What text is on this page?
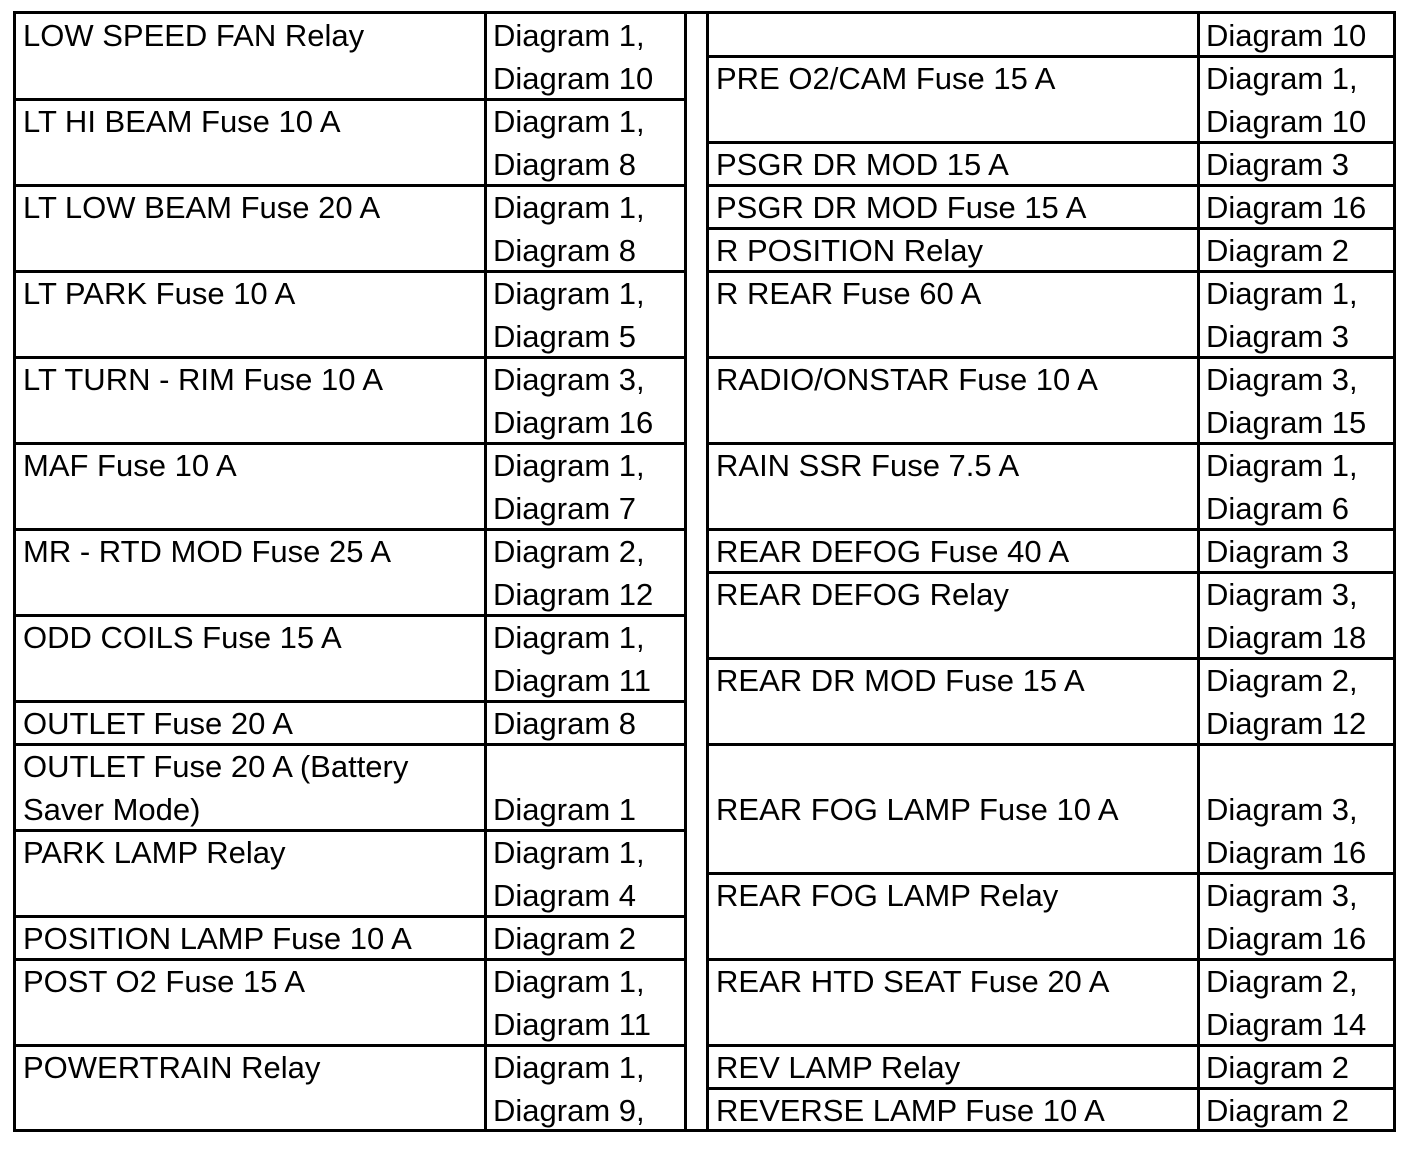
LOW SPEED FAN Relay	Diagram 1,
Diagram 10
LT HI BEAM Fuse 10 A	Diagram 1,
Diagram 8
LT LOW BEAM Fuse 20 A	Diagram 1,
Diagram 8
LT PARK Fuse 10 A	Diagram 1,
Diagram 5
LT TURN - RIM Fuse 10 A	Diagram 3,
Diagram 16
MAF Fuse 10 A	Diagram 1,
Diagram 7
MR - RTD MOD Fuse 25 A	Diagram 2,
Diagram 12
ODD COILS Fuse 15 A	Diagram 1,
Diagram 11
OUTLET Fuse 20 A	Diagram 8
OUTLET Fuse 20 A (Battery
Saver Mode)	Diagram 1
PARK LAMP Relay	Diagram 1,
Diagram 4
POSITION LAMP Fuse 10 A	Diagram 2
POST O2 Fuse 15 A	Diagram 1,
Diagram 11
POWERTRAIN Relay	Diagram 1,
Diagram 9,
Diagram 10
PRE O2/CAM Fuse 15 A	Diagram 1,
Diagram 10
PSGR DR MOD 15 A	Diagram 3
PSGR DR MOD Fuse 15 A	Diagram 16
R POSITION Relay	Diagram 2
R REAR Fuse 60 A	Diagram 1,
Diagram 3
RADIO/ONSTAR Fuse 10 A	Diagram 3,
Diagram 15
RAIN SSR Fuse 7.5 A	Diagram 1,
Diagram 6
REAR DEFOG Fuse 40 A	Diagram 3
REAR DEFOG Relay	Diagram 3,
Diagram 18
REAR DR MOD Fuse 15 A	Diagram 2,
Diagram 12
REAR FOG LAMP Fuse 10 A	Diagram 3,
Diagram 16
REAR FOG LAMP Relay	Diagram 3,
Diagram 16
REAR HTD SEAT Fuse 20 A	Diagram 2,
Diagram 14
REV LAMP Relay	Diagram 2
REVERSE LAMP Fuse 10 A	Diagram 2
